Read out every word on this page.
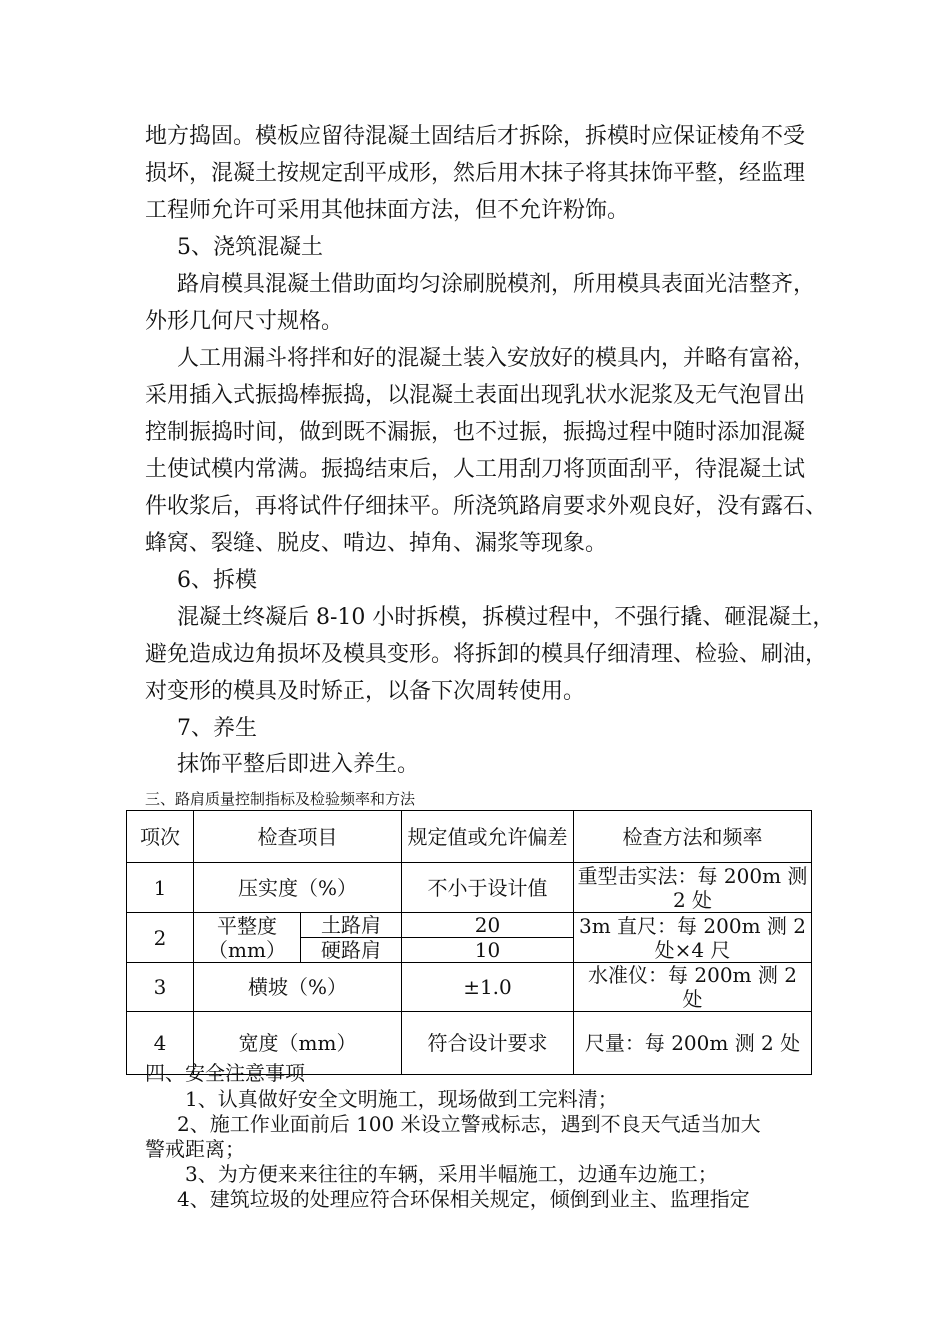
地方捣固。模板应留待混凝土固结后才拆除，拆模时应保证棱角不受
损坏，混凝土按规定刮平成形，然后用木抹子将其抹饰平整，经监理
工程师允许可采用其他抹面方法，但不允许粉饰。
5、浇筑混凝土
路肩模具混凝土借助面均匀涂刷脱模剂，所用模具表面光洁整齐，
外形几何尺寸规格。
人工用漏斗将拌和好的混凝土装入安放好的模具内，并略有富裕，
采用插入式振捣棒振捣，以混凝土表面出现乳状水泥浆及无气泡冒出
控制振捣时间，做到既不漏振，也不过振，振捣过程中随时添加混凝
土使试模内常满。振捣结束后，人工用刮刀将顶面刮平，待混凝土试
件收浆后，再将试件仔细抹平。所浇筑路肩要求外观良好，没有露石、
蜂窝、裂缝、脱皮、啃边、掉角、漏浆等现象。
6、拆模
混凝土终凝后 8-10 小时拆模，拆模过程中，不强行撬、砸混凝土，
避免造成边角损坏及模具变形。将拆卸的模具仔细清理、检验、刷油，
对变形的模具及时矫正，以备下次周转使用。
7、养生
抹饰平整后即进入养生。
三、路肩质量控制指标及检验频率和方法
项次	检查项目		规定值或允许偏差	检查方法和频率
1	压实度（%）		不小于设计值	重型击实法：每 200m 测 2 处
2	平整度（mm）	土路肩	20	3m 直尺：每 200m 测 2 处×4 尺
		硬路肩	10	
3	横坡（%）		±1.0	水准仪：每 200m 测 2 处
4	宽度（mm）		符合设计要求	尺量：每 200m 测 2 处
四、安全注意事项
1、认真做好安全文明施工，现场做到工完料清；
2、施工作业面前后 100 米设立警戒标志，遇到不良天气适当加大
警戒距离；
3、为方便来来往往的车辆，采用半幅施工，边通车边施工；
4、建筑垃圾的处理应符合环保相关规定，倾倒到业主、监理指定
